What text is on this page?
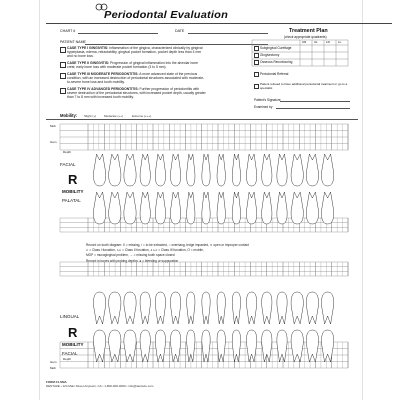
Periodontal Evaluation
CHART #	DATE
PATIENT NAME
CASE TYPE I GINGIVITIS: Inflammation of the gingiva, characterized clinically by gingival hyperplasia, edema, retractability, gingival pocket formation, pocket depth less than 4 mm and no bone loss.
CASE TYPE II GINGIVITIS: Progression of gingival inflammation into the alveolar bone crest; early bone loss with moderate pocket formation (3 to 5 mm).
CASE TYPE III MODERATE PERIODONTITIS: A more advanced state of the previous condition, with an increased destruction of periodontal structures associated with moderate-to-severe bone loss and tooth mobility.
CASE TYPE IV ADVANCED PERIODONTITIS: Further progression of periodontitis with severe destruction of the periodontal structures, with increased pocket depth, usually greater than 7 to 8 mm with increased tooth mobility.
Treatment Plan
(check appropriate quadrants)
UR	UL	LR	LL
Subgingival Curettage
Gingivectomy
Osseous Recontouring
Periodontal Referral
Patient refused to have additional periodontal treatment or go to a specialist
Patient's Signature
Examined by
Mobility: Slight (+)	Moderate (++)	Extreme (+++)
Mob
Gum
Depth
FACIAL
R
MOBILITY
PALATAL
Record on tooth diagram: X = missing, / = to be extracted, ○ overhang, ledge impacted, ✕ open or improper contact
∧ = Class I furcation, ∧∧ = Class II furcation, ∧∧∧ = Class III furcation, O = mobile,
MGP = mucogingival problem, → = missing tooth space closed
Record in boxes with probing depths: ● = bleeding or suppuration
LINGUAL
R
MOBILITY
FACIAL
Depth
Gum
Mob
FORM #4-SMA
DENTAZE • 124 Main Street Anytown, CA • 1-800-000-0000 • info@dentaze.com
